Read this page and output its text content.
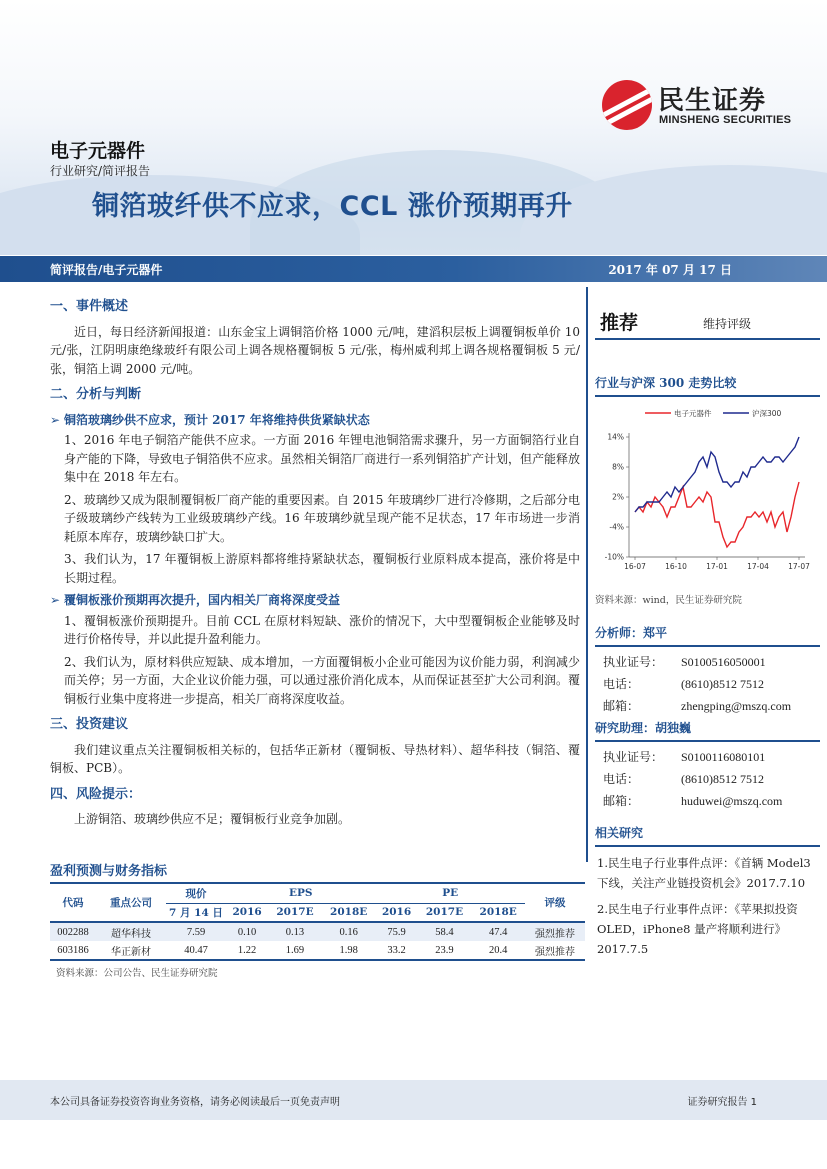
民生证券
MINSHENG SECURITIES
电子元器件
行业研究/简评报告
铜箔玻纤供不应求，CCL 涨价预期再升
简评报告/电子元器件	2017 年 07 月 17 日
一、事件概述
近日，每日经济新闻报道：山东金宝上调铜箔价格 1000 元/吨，建滔积层板上调覆铜板单价 10 元/张，江阴明康绝缘玻纤有限公司上调各规格覆铜板 5 元/张，梅州威利邦上调各规格覆铜板 5 元/张，铜箔上调 2000 元/吨。
二、分析与判断
➢ 铜箔玻璃纱供不应求，预计 2017 年将维持供货紧缺状态
1、2016 年电子铜箔产能供不应求。一方面 2016 年锂电池铜箔需求骤升，另一方面铜箔行业自身产能的下降，导致电子铜箔供不应求。虽然相关铜箔厂商进行一系列铜箔扩产计划，但产能释放集中在 2018 年左右。
2、玻璃纱又成为限制覆铜板厂商产能的重要因素。自 2015 年玻璃纱厂进行冷修期，之后部分电子级玻璃纱产线转为工业级玻璃纱产线。16 年玻璃纱就呈现产能不足状态，17 年市场进一步消耗原本库存，玻璃纱缺口扩大。
3、我们认为，17 年覆铜板上游原料都将维持紧缺状态，覆铜板行业原料成本提高，涨价将是中长期过程。
➢ 覆铜板涨价预期再次提升，国内相关厂商将深度受益
1、覆铜板涨价预期提升。目前 CCL 在原材料短缺、涨价的情况下，大中型覆铜板企业能够及时进行价格传导，并以此提升盈利能力。
2、我们认为，原材料供应短缺、成本增加，一方面覆铜板小企业可能因为议价能力弱，利润减少而关停；另一方面，大企业议价能力强，可以通过涨价消化成本，从而保证甚至扩大公司利润。覆铜板行业集中度将进一步提高，相关厂商将深度收益。
三、投资建议
我们建议重点关注覆铜板相关标的，包括华正新材（覆铜板、导热材料）、超华科技（铜箔、覆铜板、PCB）。
四、风险提示：
上游铜箔、玻璃纱供应不足；覆铜板行业竞争加剧。
推荐	维持评级
行业与沪深 300 走势比较
电子元器件	沪深300
14%
8%
2%
-4%
-10%
16-07	16-10	17-01	17-04	17-07
资料来源：wind，民生证券研究院
分析师：郑平
执业证号：	S0100516050001
电话：	(8610)8512 7512
邮箱：	zhengping@mszq.com
研究助理：胡独巍
执业证号：	S0100116080101
电话：	(8610)8512 7512
邮箱：	huduwei@mszq.com
相关研究
1.民生电子行业事件点评：《首辆 Model3 下线，关注产业链投资机会》2017.7.10
2.民生电子行业事件点评：《苹果拟投资 OLED，iPhone8 量产将顺利进行》2017.7.5
盈利预测与财务指标
代码	重点公司	现价	EPS			PE			评级
		7 月 14 日	2016	2017E	2018E	2016	2017E	2018E	
002288	超华科技	7.59	0.10	0.13	0.16	75.9	58.4	47.4	强烈推荐
603186	华正新材	40.47	1.22	1.69	1.98	33.2	23.9	20.4	强烈推荐
资料来源：公司公告、民生证券研究院
本公司具备证券投资咨询业务资格，请务必阅读最后一页免责声明	证券研究报告 1
